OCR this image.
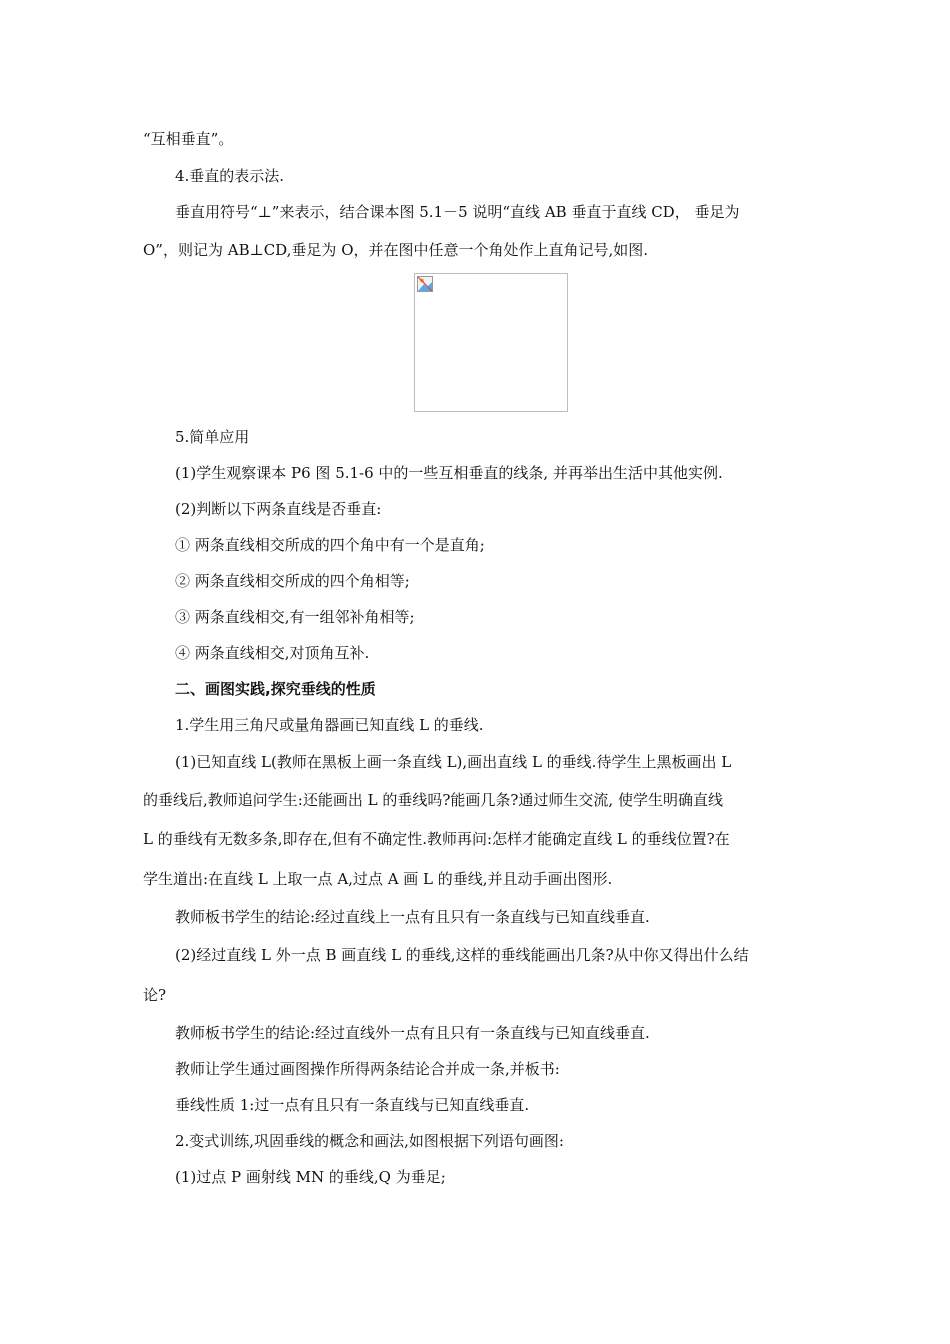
“互相垂直”。
4.垂直的表示法.
垂直用符号“⊥”来表示，结合课本图 5.1－5 说明“直线 AB 垂直于直线 CD， 垂足为
O”，则记为 AB⊥CD,垂足为 O，并在图中任意一个角处作上直角记号,如图.
5.简单应用
(1)学生观察课本 P6 图 5.1-6 中的一些互相垂直的线条, 并再举出生活中其他实例.
(2)判断以下两条直线是否垂直:
① 两条直线相交所成的四个角中有一个是直角;
② 两条直线相交所成的四个角相等;
③ 两条直线相交,有一组邻补角相等;
④ 两条直线相交,对顶角互补.
二、画图实践,探究垂线的性质
1.学生用三角尺或量角器画已知直线 L 的垂线.
(1)已知直线 L(教师在黑板上画一条直线 L),画出直线 L 的垂线.待学生上黑板画出 L
的垂线后,教师追问学生:还能画出 L 的垂线吗?能画几条?通过师生交流, 使学生明确直线
L 的垂线有无数多条,即存在,但有不确定性.教师再问:怎样才能确定直线 L 的垂线位置?在
学生道出:在直线 L 上取一点 A,过点 A 画 L 的垂线,并且动手画出图形.
教师板书学生的结论:经过直线上一点有且只有一条直线与已知直线垂直.
(2)经过直线 L 外一点 B 画直线 L 的垂线,这样的垂线能画出几条?从中你又得出什么结
论?
教师板书学生的结论:经过直线外一点有且只有一条直线与已知直线垂直.
教师让学生通过画图操作所得两条结论合并成一条,并板书:
垂线性质 1:过一点有且只有一条直线与已知直线垂直.
2.变式训练,巩固垂线的概念和画法,如图根据下列语句画图:
(1)过点 P 画射线 MN 的垂线,Q 为垂足;
